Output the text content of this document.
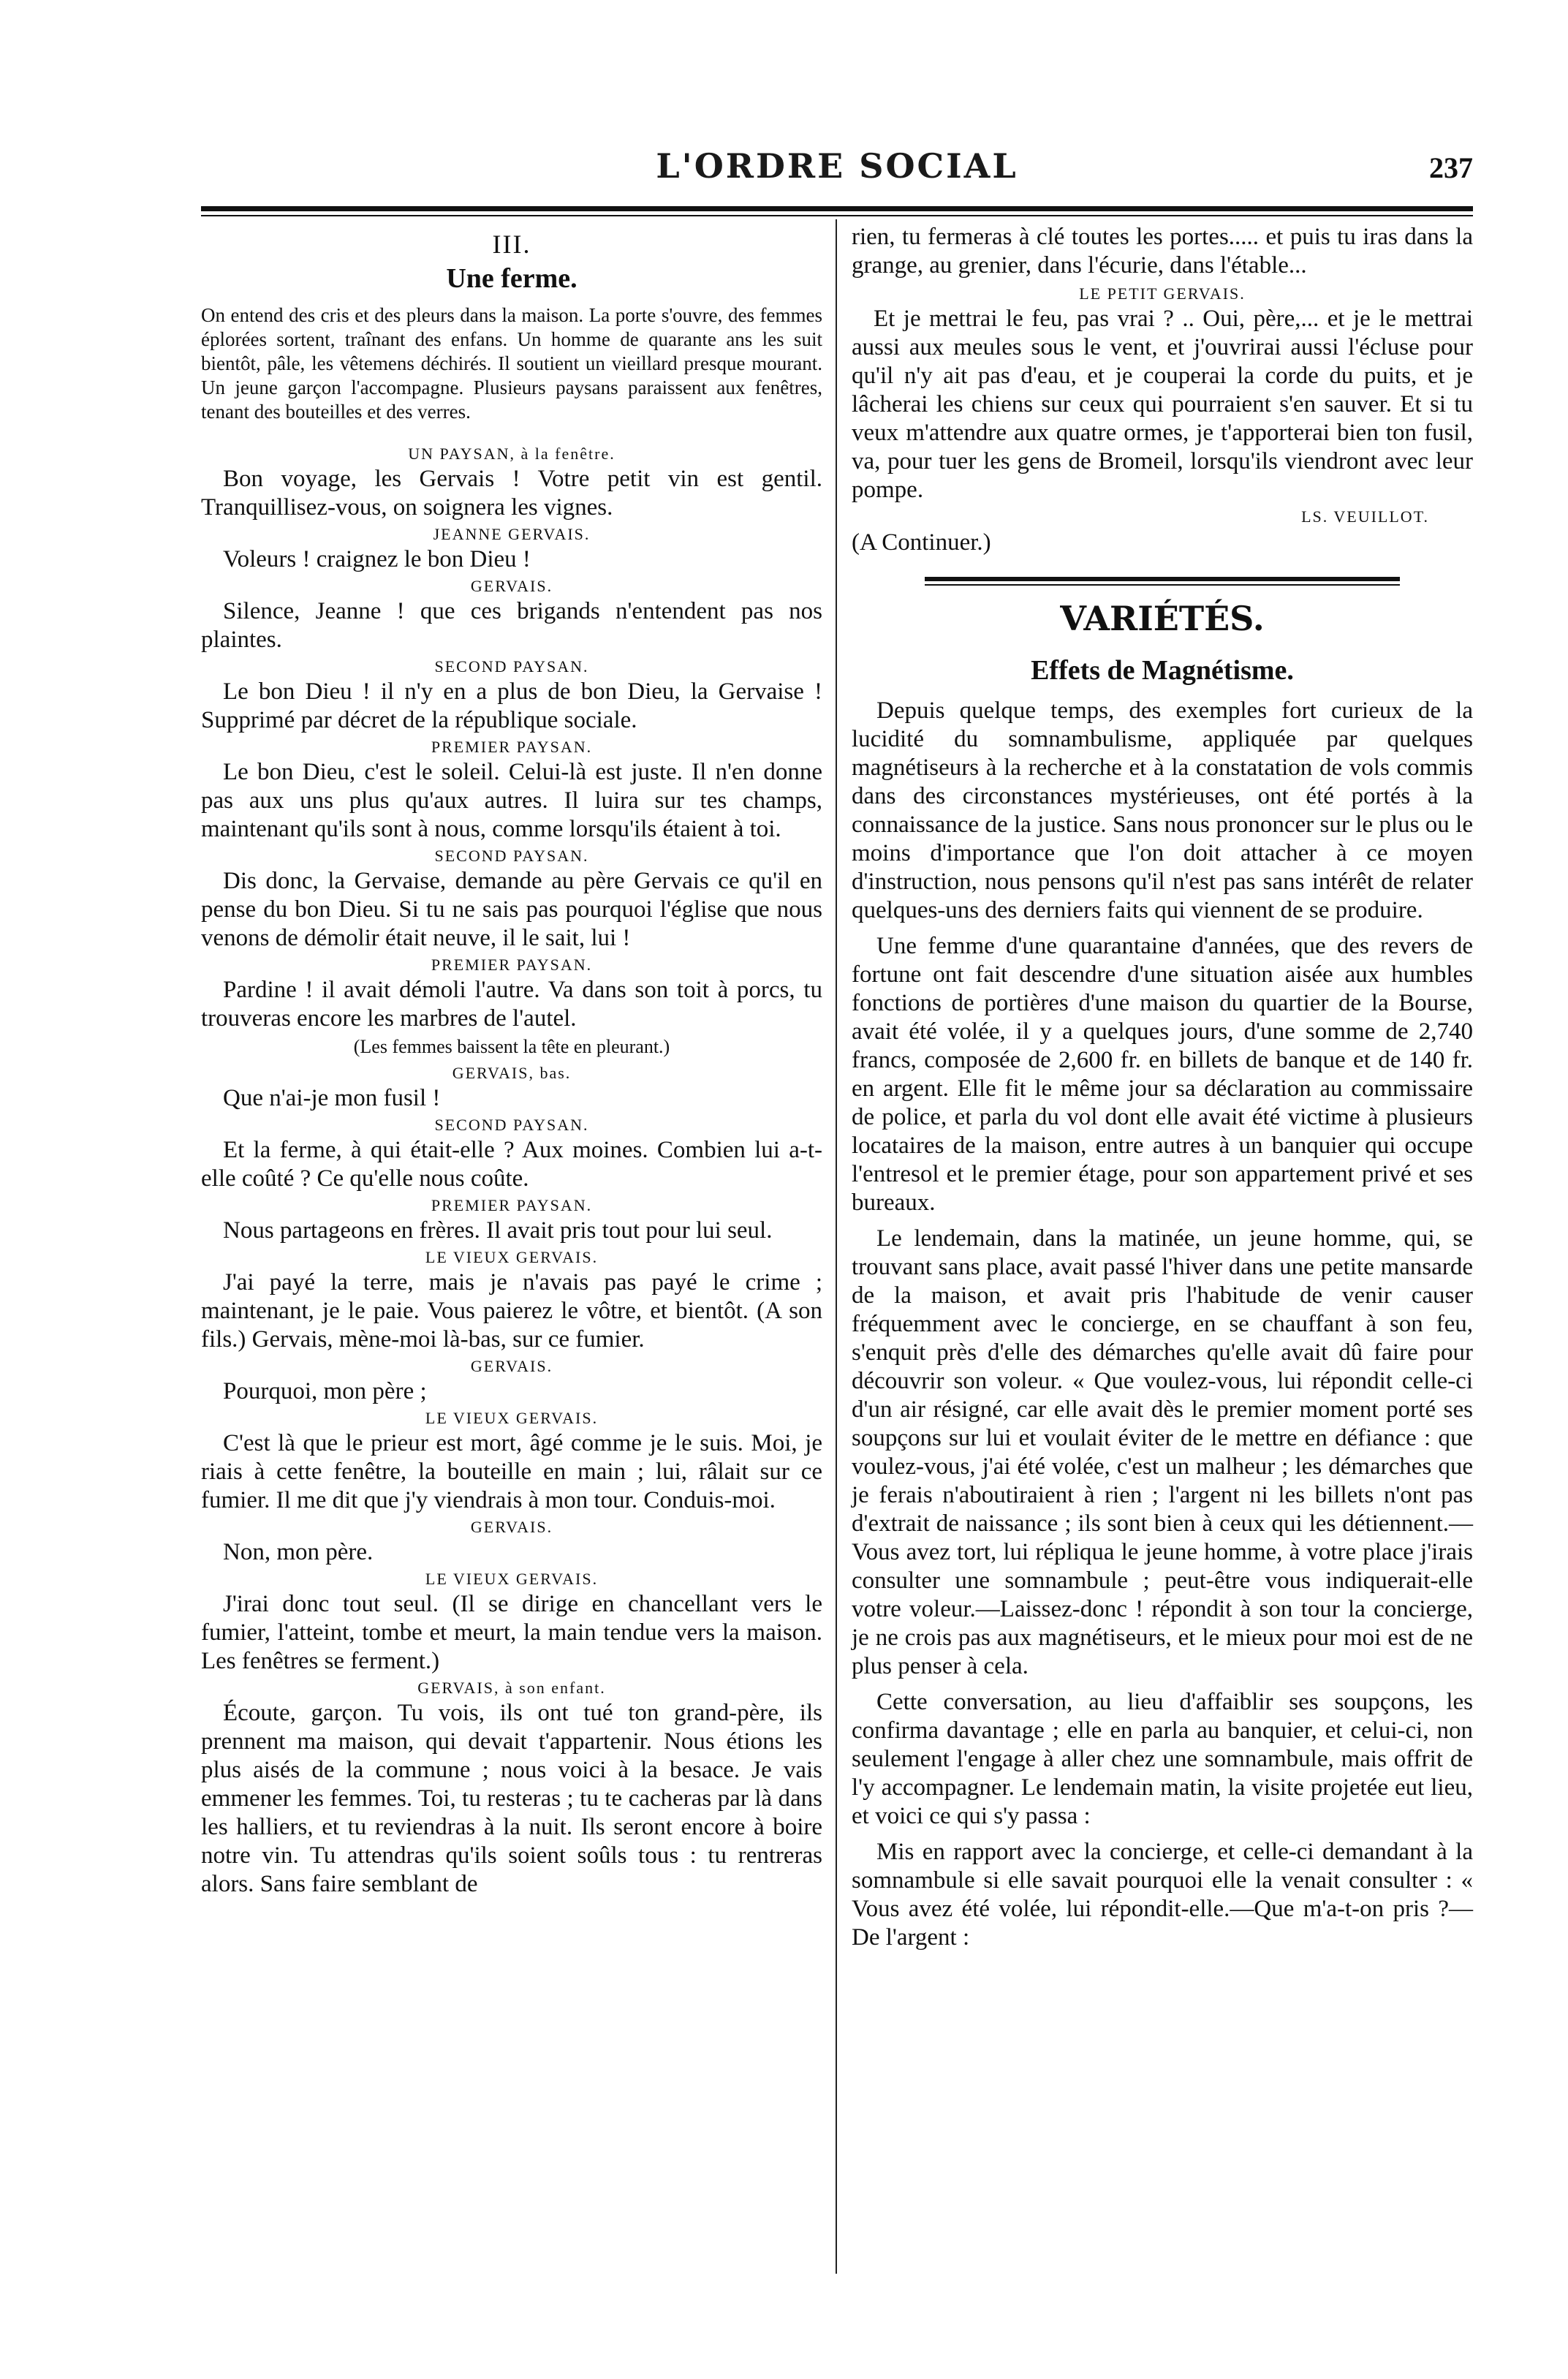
L'ORDRE SOCIAL	237
III.
Une ferme.
On entend des cris et des pleurs dans la maison. La porte s'ouvre, des femmes éplorées sortent, traînant des enfans. Un homme de quarante ans les suit bientôt, pâle, les vêtemens déchirés. Il soutient un vieillard presque mourant. Un jeune garçon l'accompagne. Plusieurs paysans paraissent aux fenêtres, tenant des bouteilles et des verres.
UN PAYSAN, à la fenêtre.
Bon voyage, les Gervais ! Votre petit vin est gentil. Tranquillisez-vous, on soignera les vignes.
JEANNE GERVAIS.
Voleurs ! craignez le bon Dieu !
GERVAIS.
Silence, Jeanne ! que ces brigands n'entendent pas nos plaintes.
SECOND PAYSAN.
Le bon Dieu ! il n'y en a plus de bon Dieu, la Gervaise ! Supprimé par décret de la république sociale.
PREMIER PAYSAN.
Le bon Dieu, c'est le soleil. Celui-là est juste. Il n'en donne pas aux uns plus qu'aux autres. Il luira sur tes champs, maintenant qu'ils sont à nous, comme lorsqu'ils étaient à toi.
SECOND PAYSAN.
Dis donc, la Gervaise, demande au père Gervais ce qu'il en pense du bon Dieu. Si tu ne sais pas pourquoi l'église que nous venons de démolir était neuve, il le sait, lui !
PREMIER PAYSAN.
Pardine ! il avait démoli l'autre. Va dans son toit à porcs, tu trouveras encore les marbres de l'autel.
(Les femmes baissent la tête en pleurant.)
GERVAIS, bas.
Que n'ai-je mon fusil !
SECOND PAYSAN.
Et la ferme, à qui était-elle ? Aux moines. Combien lui a-t-elle coûté ? Ce qu'elle nous coûte.
PREMIER PAYSAN.
Nous partageons en frères. Il avait pris tout pour lui seul.
LE VIEUX GERVAIS.
J'ai payé la terre, mais je n'avais pas payé le crime ; maintenant, je le paie. Vous paierez le vôtre, et bientôt. (A son fils.) Gervais, mène-moi là-bas, sur ce fumier.
GERVAIS.
Pourquoi, mon père ;
LE VIEUX GERVAIS.
C'est là que le prieur est mort, âgé comme je le suis. Moi, je riais à cette fenêtre, la bouteille en main ; lui, râlait sur ce fumier. Il me dit que j'y viendrais à mon tour. Conduis-moi.
GERVAIS.
Non, mon père.
LE VIEUX GERVAIS.
J'irai donc tout seul. (Il se dirige en chancellant vers le fumier, l'atteint, tombe et meurt, la main tendue vers la maison. Les fenêtres se ferment.)
GERVAIS, à son enfant.
Écoute, garçon. Tu vois, ils ont tué ton grand-père, ils prennent ma maison, qui devait t'appartenir. Nous étions les plus aisés de la commune ; nous voici à la besace. Je vais emmener les femmes. Toi, tu resteras ; tu te cacheras par là dans les halliers, et tu reviendras à la nuit. Ils seront encore à boire notre vin. Tu attendras qu'ils soient soûls tous : tu rentreras alors. Sans faire semblant de
rien, tu fermeras à clé toutes les portes..... et puis tu iras dans la grange, au grenier, dans l'écurie, dans l'étable...
LE PETIT GERVAIS.
Et je mettrai le feu, pas vrai ? .. Oui, père,... et je le mettrai aussi aux meules sous le vent, et j'ouvrirai aussi l'écluse pour qu'il n'y ait pas d'eau, et je couperai la corde du puits, et je lâcherai les chiens sur ceux qui pourraient s'en sauver. Et si tu veux m'attendre aux quatre ormes, je t'apporterai bien ton fusil, va, pour tuer les gens de Bromeil, lorsqu'ils viendront avec leur pompe.
LS. VEUILLOT.
(A Continuer.)
VARIÉTÉS.
Effets de Magnétisme.
Depuis quelque temps, des exemples fort curieux de la lucidité du somnambulisme, appliquée par quelques magnétiseurs à la recherche et à la constatation de vols commis dans des circonstances mystérieuses, ont été portés à la connaissance de la justice. Sans nous prononcer sur le plus ou le moins d'importance que l'on doit attacher à ce moyen d'instruction, nous pensons qu'il n'est pas sans intérêt de relater quelques-uns des derniers faits qui viennent de se produire.
Une femme d'une quarantaine d'années, que des revers de fortune ont fait descendre d'une situation aisée aux humbles fonctions de portières d'une maison du quartier de la Bourse, avait été volée, il y a quelques jours, d'une somme de 2,740 francs, composée de 2,600 fr. en billets de banque et de 140 fr. en argent. Elle fit le même jour sa déclaration au commissaire de police, et parla du vol dont elle avait été victime à plusieurs locataires de la maison, entre autres à un banquier qui occupe l'entresol et le premier étage, pour son appartement privé et ses bureaux.
Le lendemain, dans la matinée, un jeune homme, qui, se trouvant sans place, avait passé l'hiver dans une petite mansarde de la maison, et avait pris l'habitude de venir causer fréquemment avec le concierge, en se chauffant à son feu, s'enquit près d'elle des démarches qu'elle avait dû faire pour découvrir son voleur. « Que voulez-vous, lui répondit celle-ci d'un air résigné, car elle avait dès le premier moment porté ses soupçons sur lui et voulait éviter de le mettre en défiance : que voulez-vous, j'ai été volée, c'est un malheur ; les démarches que je ferais n'aboutiraient à rien ; l'argent ni les billets n'ont pas d'extrait de naissance ; ils sont bien à ceux qui les détiennent.—Vous avez tort, lui répliqua le jeune homme, à votre place j'irais consulter une somnambule ; peut-être vous indiquerait-elle votre voleur.—Laissez-donc ! répondit à son tour la concierge, je ne crois pas aux magnétiseurs, et le mieux pour moi est de ne plus penser à cela.
Cette conversation, au lieu d'affaiblir ses soupçons, les confirma davantage ; elle en parla au banquier, et celui-ci, non seulement l'engage à aller chez une somnambule, mais offrit de l'y accompagner. Le lendemain matin, la visite projetée eut lieu, et voici ce qui s'y passa :
Mis en rapport avec la concierge, et celle-ci demandant à la somnambule si elle savait pourquoi elle la venait consulter : « Vous avez été volée, lui répondit-elle.—Que m'a-t-on pris ?—De l'argent :
